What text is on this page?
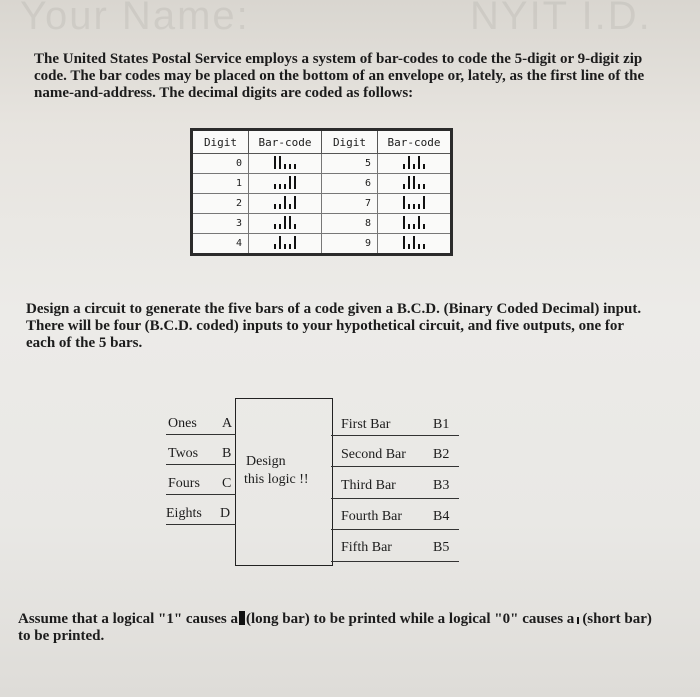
Your Name:	NYIT I.D.
The United States Postal Service employs a system of bar-codes to code the 5-digit or 9-digit zip code. The bar codes may be placed on the bottom of an envelope or, lately, as the first line of the name-and-address. The decimal digits are coded as follows:
Digit	Bar-code	Digit	Bar-code
0		5	

1		6	

2		7	

3		8	

4		9	
Design a circuit to generate the five bars of a code given a B.C.D. (Binary Coded Decimal) input. There will be four (B.C.D. coded) inputs to your hypothetical circuit, and five outputs, one for each of the 5 bars.
Design
this logic !!
Ones A
Twos B
Fours C
Eights D
First Bar	B1
Second Bar B2
Third Bar	B3
Fourth Bar B4
Fifth Bar	B5
Assume that a logical "1" causes a (long bar) to be printed while a logical "0" causes a (short bar) to be printed.
